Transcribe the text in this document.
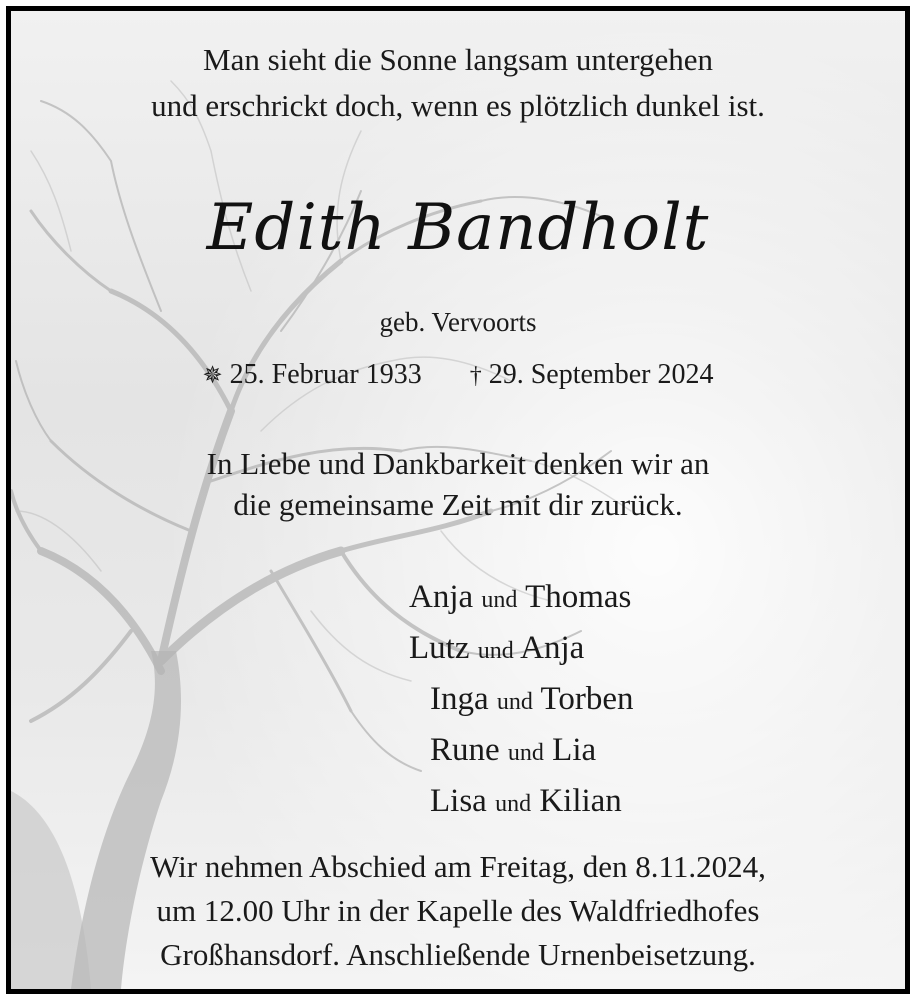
Man sieht die Sonne langsam untergehen
und erschrickt doch, wenn es plötzlich dunkel ist.
Edith Bandholt
geb. Vervoorts
✵ 25. Februar 1933 † 29. September 2024
In Liebe und Dankbarkeit denken wir an
die gemeinsame Zeit mit dir zurück.
Anja und Thomas
Lutz und Anja
Inga und Torben
Rune und Lia
Lisa und Kilian
Wir nehmen Abschied am Freitag, den 8.11.2024,
um 12.00 Uhr in der Kapelle des Waldfriedhofes
Großhansdorf. Anschließende Urnenbeisetzung.
